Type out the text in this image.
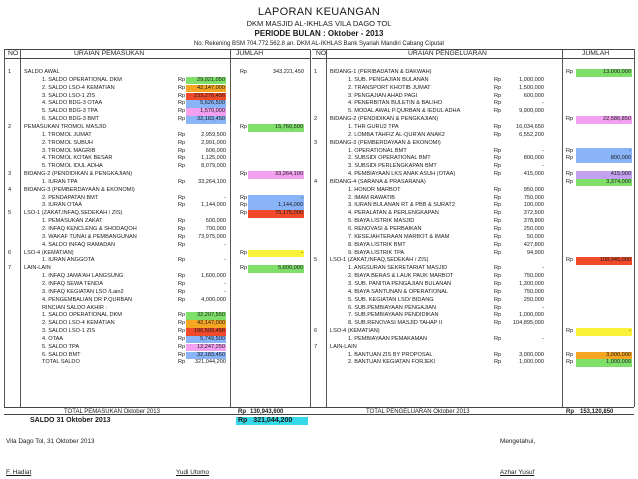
LAPORAN KEUANGAN
DKM MASJID AL-IKHLAS VILA DAGO TOL
PERIODE BULAN : Oktober - 2013
No. Rekening BSM 704.772.562.8 an. DKM AL-IKHLAS Bank Syariah Mandiri Cabang Ciputat
NO	URAIAN PEMASUKAN	JUMLAH	NO	URAIAN PENGELUARAN	JUMLAH
1	SALDO AWAL	Rp	343,221,450
1. SALDO OPERATIONAL DKM	Rp	29,021,050
2. SALDO LSO-4 KEMATIAN	Rp	42,147,000
3. SALDO LSO-1 ZIS	Rp	233,276,456
4. SALDO BDG-3 OTAA	Rp	5,626,500
5. SALDO BDG-3 TPA	Rp	1,570,000
6. SALDO BDG-3 BMT	Rp	32,183,450
2	PEMASUKAN TROMOL MASJID	Rp	15,760,500
1. TROMOL JUMAT	Rp	2,959,500
2. TROMOL SUBUH	Rp	2,991,000
3. TROMOL MAGRIB	Rp	606,000
4. TROMOL KOTAK BESAR	Rp	1,125,000
5. TROMOL IDUL ADHA	Rp	8,079,000
3	BIDANG-2 (PENDIDIKAN & PENGKAJIAN)	Rp	33,264,100
1. IURAN TPA	Rp	33,264,100
4	BIDANG-3 (PEMBERDAYAAN & EKONOMI)
2. PENDAPATAN BMT	Rp	-	Rp	-
3. IURAN OTAA	Rp	1,144,000	Rp	1,144,000
5	LSO-1 (ZAKAT,INFAQ,SEDEKAH / ZIS)	Rp	75,175,000
1. PEMASUKAN ZAKAT	Rp	500,000
2. INFAQ KENCLENG & SHODAQOH	Rp	700,000
3. WAKAF TUNAI & PEMBANGUNAN	Rp	73,975,000
4. SALDO INFAQ RAMADAN	Rp	-
6	LSO-4 (KEMATIAN)	Rp	-
1. IURAN ANGGOTA	Rp	-
7	LAIN-LAIN	Rp	5,600,000
1. INFAQ JAMA'AH LANGSUNG	Rp	1,600,000
2. INFAQ SEWA TENDA	Rp	-
3. INFAQ KEGIATAN LSO /Lain2	Rp	-
4. PENGEMBALIAN DR P.QURBAN	Rp	4,000,000
RINCIAN SALDO AKHIR :
1. SALDO OPERATIONAL DKM	Rp	32,207,550
2. SALDO LSO-4 KEMATIAN	Rp	42,147,000
3. SALDO LSO-1 ZIS	Rp	196,509,456
4. OTAA	Rp	5,749,500
5. SALDO TPA	Rp	12,247,250
6. SALDO BMT	Rp	32,183,450
TOTAL SALDO	Rp	321,044,200
1	BIDANG-1 (PERIBADATAN & DAKWAH)	Rp	13,000,000
1. SUB. PENGAJIAN BULANAN	Rp	1,000,000
2. TRANSPORT KHOTIB JUMAT	Rp	1,500,000
3. PENGAJIAN AHAD PAGI	Rp	600,000
4. PENERBITAN BULETIN & BALIHO	Rp	-
5. MODAL AWAL P.QURBAN & IEDUL ADHA	Rp	9,900,000
2	BIDANG-2 (PENDIDIKAN & PENGKAJIAN)	Rp	22,586,850
1. THR GURU2 TPA	Rp	16,034,650
2. LOMBA TAHFIZ AL-QUR'AN ANAK2	Rp	6,552,200
3	BIDANG-3 (PEMBERDAYAAN & EKONOMI)
1. OPERATIONAL BMT	Rp	-	Rp	-
2. SUBSIDI OPERATIONAL BMT	Rp	800,000	Rp	800,000
3. SUBSIDI PERLENGKAPAN BMT	Rp	-
4. PEMBIAYAAN LKS ANAK ASUH (OTAA)	Rp	415,000	Rp	415,000
4	BIDANG-4 (SARANA & PRASARANA)	Rp	3,374,000
1. HONOR MARBOT	Rp	950,000
2. IMAM RAWATIB	Rp	750,000
3. IURAN BULANAN RT & PBB & SURAT2	Rp	100,000
4. PERALATAN & PERLENGKAPAN	Rp	372,500
5. BIAYA LISTRIK MASJID	Rp	378,800
6. RENOVASI & PERBAIKAN	Rp	250,000
7. KESEJAHTERAAN MARBOT & IMAM	Rp	50,000
8. BIAYA LISTRIK BMT	Rp	427,800
9. BIAYA LISTRIK TPA	Rp	94,900
5	LSO-1 (ZAKAT,INFAQ,SEDEKAH / ZIS)	Rp	108,945,000
1. ANGSURAN SEKRETARIAT MASJID	Rp	-
2. BIAYA BERAS & LAUK PAUK MARBOT	Rp	750,000
3. SUB. PANITIA PENGAJIAN BULANAN	Rp	1,300,000
4. BIAYA SANTUNAN & OPERATIONAL	Rp	750,000
5. SUB. KEGIATAN LSO/ BIDANG	Rp	250,000
6. SUB.PEMBIAYAAN PENGAJIAN	Rp	-
7. SUB.PEMBIAYAAN PENDIDIKAN	Rp	1,000,000
8. SUB.RENOVASI MASJID TAHAP II	Rp	104,895,000
6	LSO-4 (KEMATIAN)	Rp	-
1. PEMBIAYAAN PEMAKAMAN	Rp	-
7	LAIN-LAIN
1. BANTUAN ZIS BY PROPOSAL	Rp	3,000,000	Rp	3,000,000
2. BANTUAN KEGIATAN FORJEKI	Rp	1,000,000	Rp	1,000,000
TOTAL PEMASUKAN Oktober 2013	Rp 130,943,600	TOTAL PENGELUARAN Oktober 2013	Rp 153,120,850
SALDO 31 Oktober 2013	Rp 321,044,200
Vila Dago Tol, 31 Oktober 2013	Mengetahui,
F. Hadiat	Yudi Utomo	Azhar Yusuf
